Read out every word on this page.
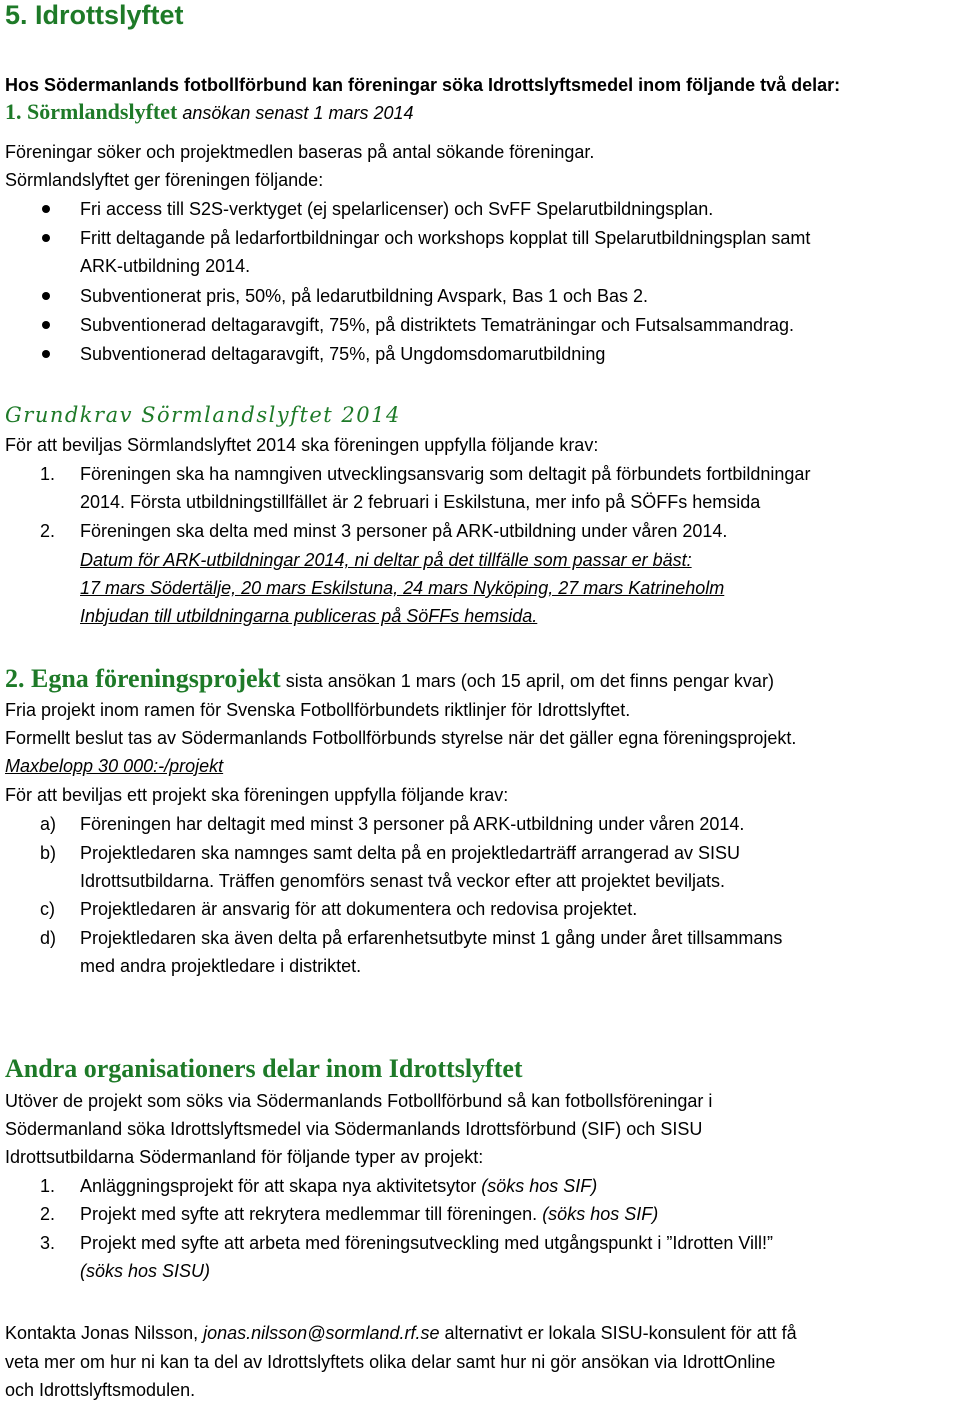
5. Idrottslyftet
Hos Södermanlands fotbollförbund kan föreningar söka Idrottslyftsmedel inom följande två delar:
1. Sörmlandslyftet ansökan senast 1 mars 2014
Föreningar söker och projektmedlen baseras på antal sökande föreningar.
Sörmlandslyftet ger föreningen följande:
Fri access till S2S-verktyget (ej spelarlicenser) och SvFF Spelarutbildningsplan.
Fritt deltagande på ledarfortbildningar och workshops kopplat till Spelarutbildningsplan samt
ARK-utbildning 2014.
Subventionerat pris, 50%, på ledarutbildning Avspark, Bas 1 och Bas 2.
Subventionerad deltagaravgift, 75%, på distriktets Tematräningar och Futsalsammandrag.
Subventionerad deltagaravgift, 75%, på Ungdomsdomarutbildning
Grundkrav Sörmlandslyftet 2014
För att beviljas Sörmlandslyftet 2014 ska föreningen uppfylla följande krav:
1. Föreningen ska ha namngiven utvecklingsansvarig som deltagit på förbundets fortbildningar
2014. Första utbildningstillfället är 2 februari i Eskilstuna, mer info på SÖFFs hemsida
2. Föreningen ska delta med minst 3 personer på ARK-utbildning under våren 2014.
Datum för ARK-utbildningar 2014, ni deltar på det tillfälle som passar er bäst:
17 mars Södertälje, 20 mars Eskilstuna, 24 mars Nyköping, 27 mars Katrineholm
Inbjudan till utbildningarna publiceras på SöFFs hemsida.
2. Egna föreningsprojekt sista ansökan 1 mars (och 15 april, om det finns pengar kvar)
Fria projekt inom ramen för Svenska Fotbollförbundets riktlinjer för Idrottslyftet.
Formellt beslut tas av Södermanlands Fotbollförbunds styrelse när det gäller egna föreningsprojekt.
Maxbelopp 30 000:-/projekt
För att beviljas ett projekt ska föreningen uppfylla följande krav:
a) Föreningen har deltagit med minst 3 personer på ARK-utbildning under våren 2014.
b) Projektledaren ska namnges samt delta på en projektledarträff arrangerad av SISU
Idrottsutbildarna. Träffen genomförs senast två veckor efter att projektet beviljats.
c) Projektledaren är ansvarig för att dokumentera och redovisa projektet.
d) Projektledaren ska även delta på erfarenhetsutbyte minst 1 gång under året tillsammans
med andra projektledare i distriktet.
Andra organisationers delar inom Idrottslyftet
Utöver de projekt som söks via Södermanlands Fotbollförbund så kan fotbollsföreningar i
Södermanland söka Idrottslyftsmedel via Södermanlands Idrottsförbund (SIF) och SISU
Idrottsutbildarna Södermanland för följande typer av projekt:
1. Anläggningsprojekt för att skapa nya aktivitetsytor (söks hos SIF)
2. Projekt med syfte att rekrytera medlemmar till föreningen. (söks hos SIF)
3. Projekt med syfte att arbeta med föreningsutveckling med utgångspunkt i ”Idrotten Vill!”
(söks hos SISU)
Kontakta Jonas Nilsson, jonas.nilsson@sormland.rf.se alternativt er lokala SISU-konsulent för att få
veta mer om hur ni kan ta del av Idrottslyftets olika delar samt hur ni gör ansökan via IdrottOnline
och Idrottslyftsmodulen.
